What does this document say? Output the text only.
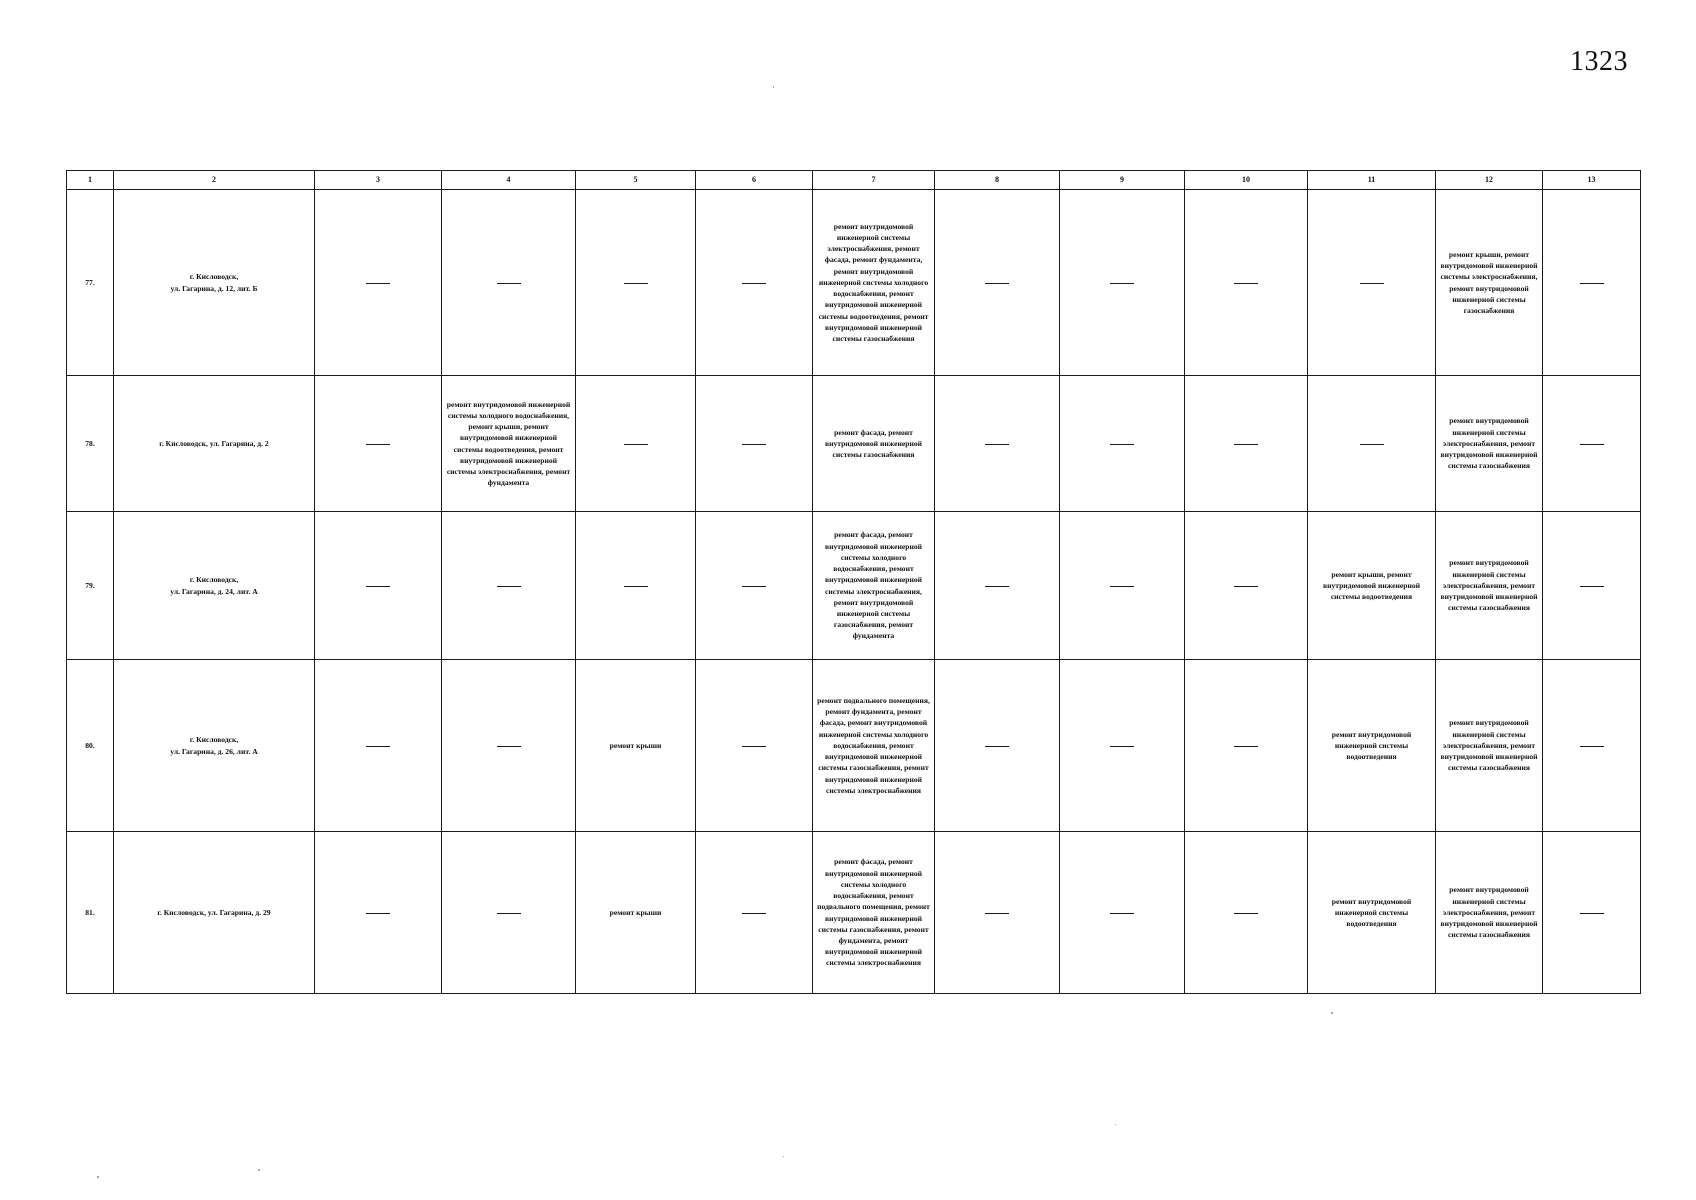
1323
1	2	3	4	5	6	7	8	9	10	11	12	13
77.	г. Кисловодск,
ул. Гагарина, д. 12, лит. Б					ремонт внутридомовой инженерной системы электроснабжения, ремонт фасада, ремонт фундамента, ремонт внутридомовой инженерной системы холодного водоснабжения, ремонт внутридомовой инженерной системы водоотведения, ремонт внутридомовой инженерной системы газоснабжения					ремонт крыши, ремонт внутридомовой инженерной системы электроснабжения, ремонт внутридомовой инженерной системы газоснабжения	

78.	г. Кисловодск, ул. Гагарина, д. 2		ремонт внутридомовой инженерной системы холодного водоснабжения, ремонт крыши, ремонт внутридомовой инженерной системы водоотведения, ремонт внутридомовой инженерной системы электроснабжения, ремонт фундамента			ремонт фасада, ремонт внутридомовой инженерной системы газоснабжения					ремонт внутридомовой инженерной системы электроснабжения, ремонт внутридомовой инженерной системы газоснабжения	

79.	г. Кисловодск,
ул. Гагарина, д. 24, лит. А					ремонт фасада, ремонт внутридомовой инженерной системы холодного водоснабжения, ремонт внутридомовой инженерной системы электроснабжения, ремонт внутридомовой инженерной системы газоснабжения, ремонт фундамента				ремонт крыши, ремонт внутридомовой инженерной системы водоотведения	ремонт внутридомовой инженерной системы электроснабжения, ремонт внутридомовой инженерной системы газоснабжения	

80.	г. Кисловодск,
ул. Гагарина, д. 26, лит. А			ремонт крыши		ремонт подвального помещения, ремонт фундамента, ремонт фасада, ремонт внутридомовой инженерной системы холодного водоснабжения, ремонт внутридомовой инженерной системы газоснабжения, ремонт внутридомовой инженерной системы электроснабжения				ремонт внутридомовой инженерной системы водоотведения	ремонт внутридомовой инженерной системы электроснабжения, ремонт внутридомовой инженерной системы газоснабжения	

81.	г. Кисловодск, ул. Гагарина, д. 29			ремонт крыши		ремонт фасада, ремонт внутридомовой инженерной системы холодного водоснабжения, ремонт подвального помещения, ремонт внутридомовой инженерной системы газоснабжения, ремонт фундамента, ремонт внутридомовой инженерной системы электроснабжения				ремонт внутридомовой инженерной системы водоотведения	ремонт внутридомовой инженерной системы электроснабжения, ремонт внутридомовой инженерной системы газоснабжения	
